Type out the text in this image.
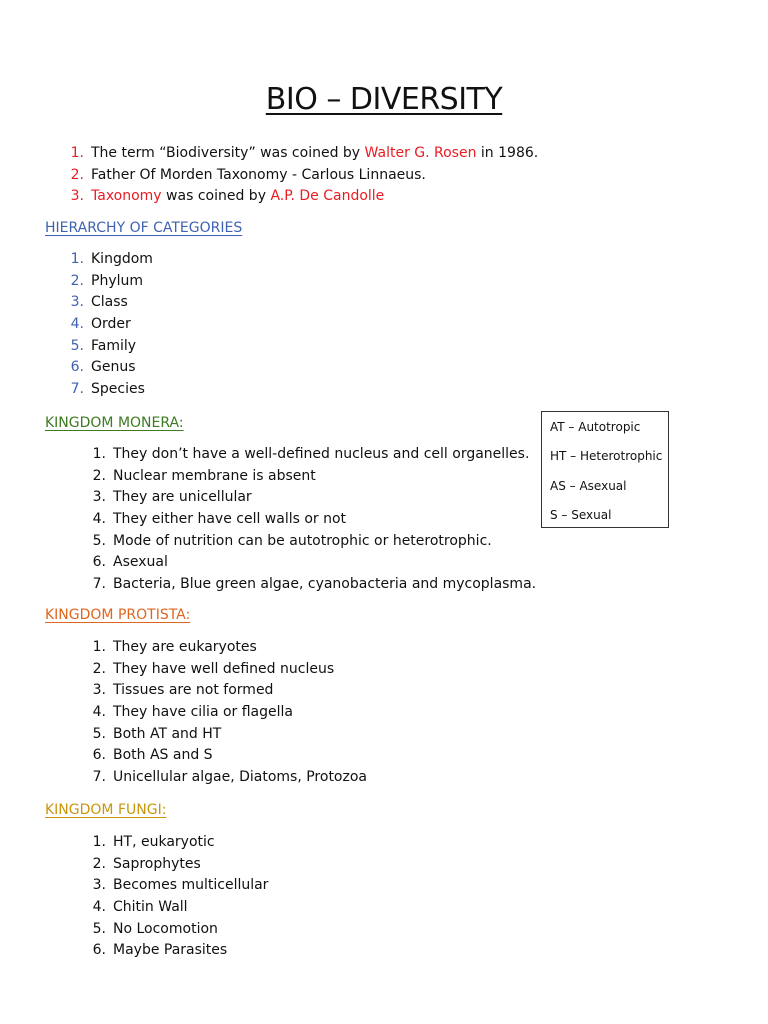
BIO – DIVERSITY
1. The term “Biodiversity” was coined by Walter G. Rosen in 1986.
2. Father Of Morden Taxonomy - Carlous Linnaeus.
3. Taxonomy was coined by A.P. De Candolle
HIERARCHY OF CATEGORIES
1. Kingdom
2. Phylum
3. Class
4. Order
5. Family
6. Genus
7. Species
KINGDOM MONERA:
1. They don’t have a well-defined nucleus and cell organelles.
2. Nuclear membrane is absent
3. They are unicellular
4. They either have cell walls or not
5. Mode of nutrition can be autotrophic or heterotrophic.
6. Asexual
7. Bacteria, Blue green algae, cyanobacteria and mycoplasma.
AT – Autotropic
HT – Heterotrophic
AS – Asexual
S – Sexual
KINGDOM PROTISTA:
1. They are eukaryotes
2. They have well defined nucleus
3. Tissues are not formed
4. They have cilia or flagella
5. Both AT and HT
6. Both AS and S
7. Unicellular algae, Diatoms, Protozoa
KINGDOM FUNGI:
1. HT, eukaryotic
2. Saprophytes
3. Becomes multicellular
4. Chitin Wall
5. No Locomotion
6. Maybe Parasites
